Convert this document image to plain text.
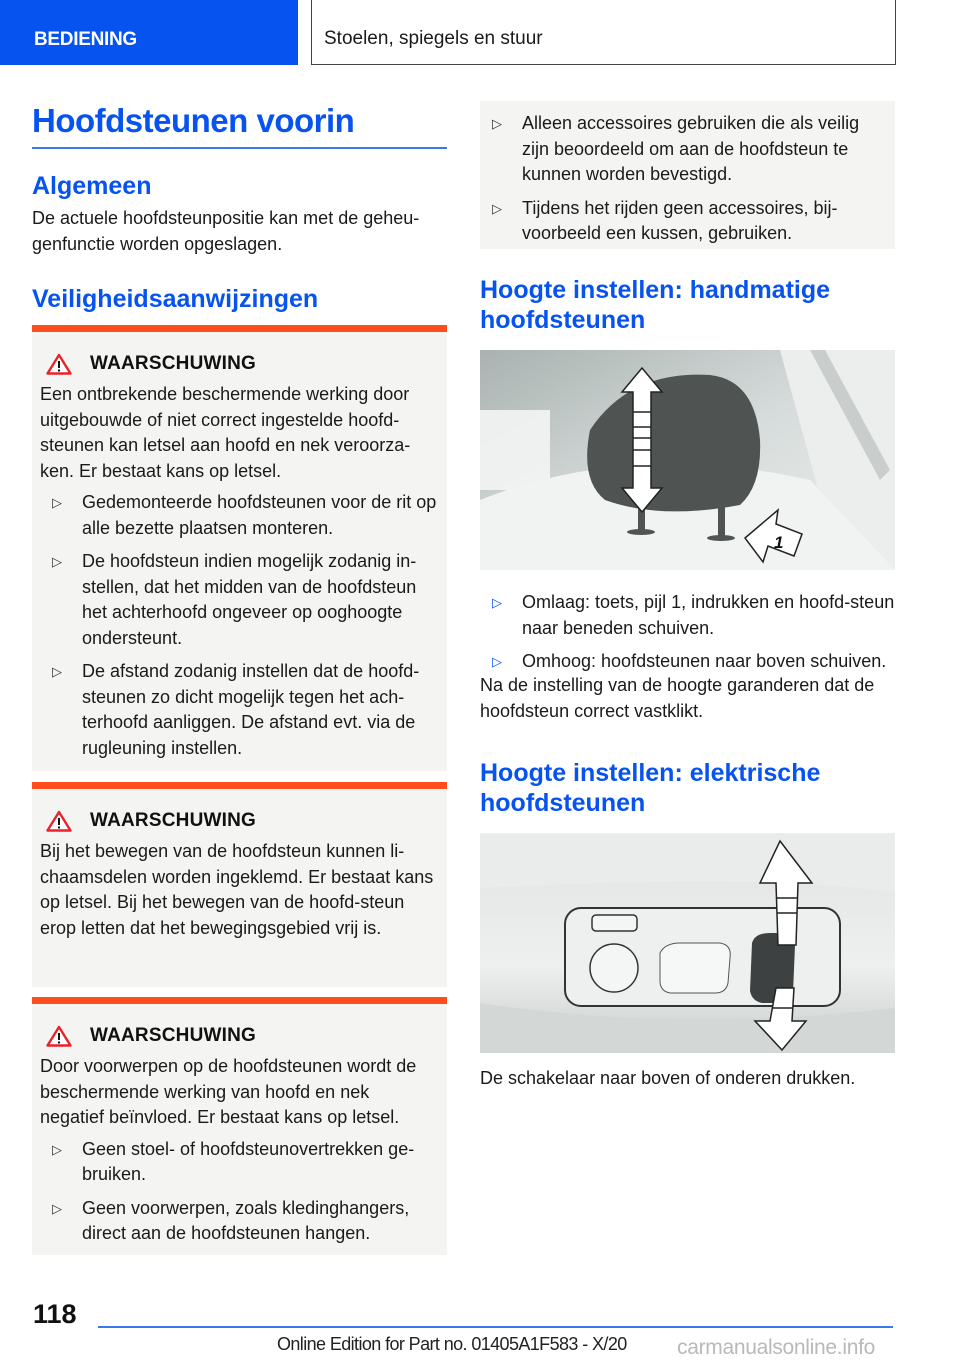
BEDIENING	Stoelen, spiegels en stuur
Hoofdsteunen voorin
Algemeen

De actuele hoofdsteunpositie kan met de geheu-genfunctie worden opgeslagen.

Veiligheidsaanwijzingen
WAARSCHUWING

Een ontbrekende beschermende werking door uitgebouwde of niet correct ingestelde hoofd-steunen kan letsel aan hoofd en nek veroorza-ken. Er bestaat kans op letsel.

▷ Gedemonteerde hoofdsteunen voor de rit op alle bezette plaatsen monteren.
▷ De hoofdsteun indien mogelijk zodanig in-stellen, dat het midden van de hoofdsteun het achterhoofd ongeveer op ooghoogte ondersteunt.
▷ De afstand zodanig instellen dat de hoofd-steunen zo dicht mogelijk tegen het ach-terhoofd aanliggen. De afstand evt. via de rugleuning instellen.
WAARSCHUWING

Bij het bewegen van de hoofdsteun kunnen li-chaamsdelen worden ingeklemd. Er bestaat kans op letsel. Bij het bewegen van de hoofd-steun erop letten dat het bewegingsgebied vrij is.

WAARSCHUWING

Door voorwerpen op de hoofdsteunen wordt de beschermende werking van hoofd en nek negatief beïnvloed. Er bestaat kans op letsel.

▷ Geen stoel- of hoofdsteunovertrekken ge-bruiken.
▷ Geen voorwerpen, zoals kledinghangers, direct aan de hoofdsteunen hangen.
▷ Alleen accessoires gebruiken die als veilig zijn beoordeeld om aan de hoofdsteun te kunnen worden bevestigd.
▷ Tijdens het rijden geen accessoires, bij-voorbeeld een kussen, gebruiken.
Hoogte instellen: handmatige hoofdsteunen
1
▷ Omlaag: toets, pijl 1, indrukken en hoofd-steun naar beneden schuiven.
▷ Omhoog: hoofdsteunen naar boven schuiven.

Na de instelling van de hoogte garanderen dat de hoofdsteun correct vastklikt.

Hoogte instellen: elektrische hoofdsteunen

De schakelaar naar boven of onderen drukken.

118
Online Edition for Part no. 01405A1F583 - X/20 carmanualsonline.info
